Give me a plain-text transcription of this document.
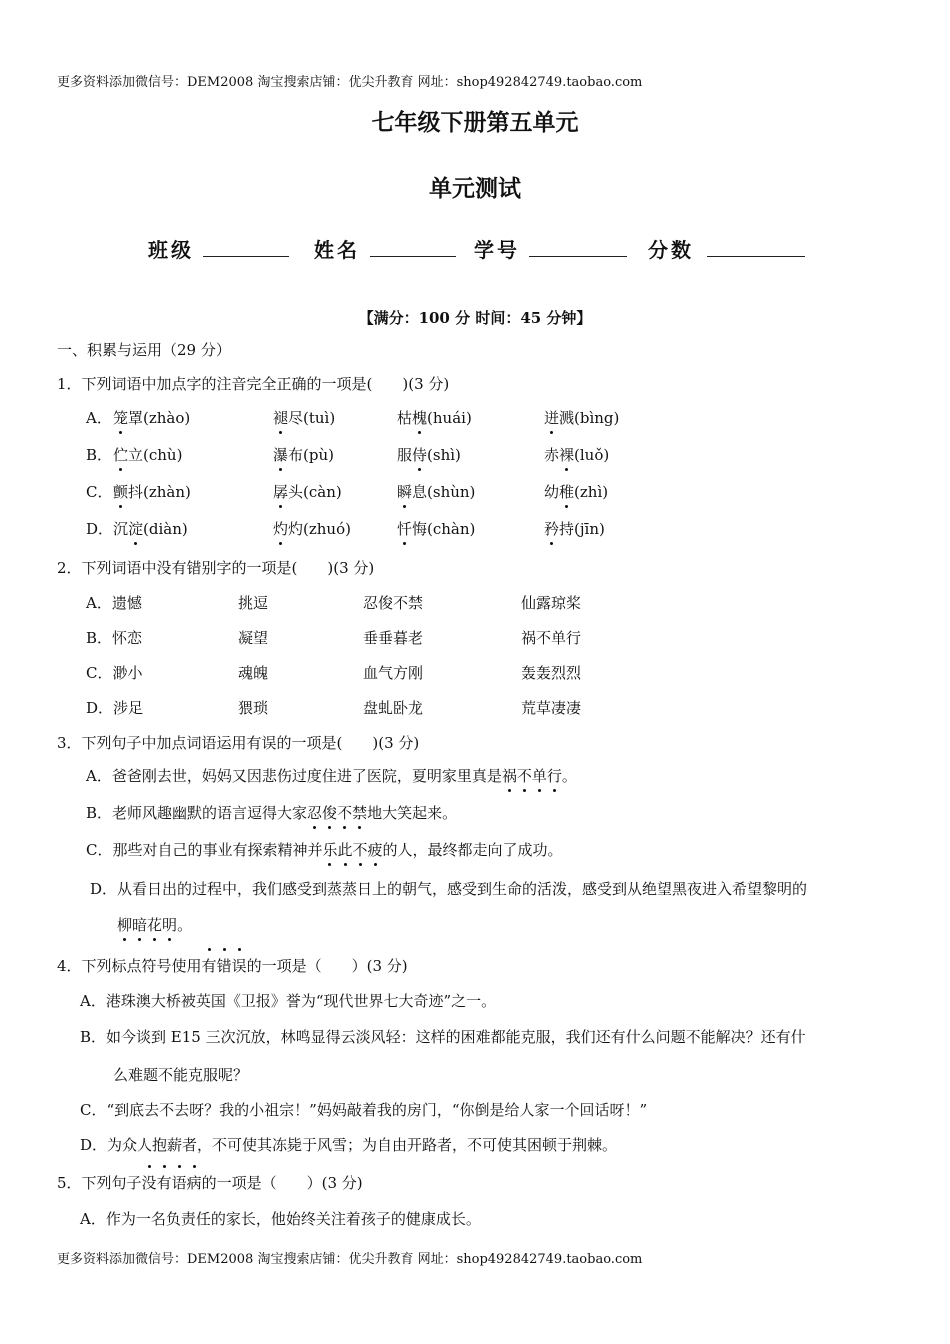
更多资料添加微信号：DEM2008 淘宝搜索店铺：优尖升教育 网址：shop492842749.taobao.com
七年级下册第五单元
单元测试
班级	姓名	学号	分数
【满分：100 分 时间：45 分钟】
一、积累与运用（29 分）
1．下列词语中加点字的注音完全正确的一项是(　　)(3 分)
A． 笼罩(zhào)	褪尽(tuì)	枯槐(huái)	迸溅(bìng)
B． 伫立(chù)	瀑布(pù)	服侍(shì)	赤裸(luǒ)
C． 颤抖(zhàn)	孱头(càn)	瞬息(shùn)	幼稚(zhì)
D． 沉淀(diàn)	灼灼(zhuó)	忏悔(chàn)	矜持(jīn)
2．下列词语中没有错别字的一项是(　　)(3 分)
A．遗憾	挑逗	忍俊不禁	仙露琼桨
B．怀恋	凝望	垂垂暮老	祸不单行
C．渺小	魂魄	血气方刚	轰轰烈烈
D．涉足	猥琐	盘虬卧龙	荒草凄凄
3．下列句子中加点词语运用有误的一项是(　　)(3 分)
A．爸爸刚去世，妈妈又因悲伤过度住进了医院，夏明家里真是祸不单行。
B．老师风趣幽默的语言逗得大家忍俊不禁地大笑起来。
C．那些对自己的事业有探索精神并乐此不疲的人，最终都走向了成功。
D．从看日出的过程中，我们感受到蒸蒸日上的朝气，感受到生命的活泼，感受到从绝望黑夜进入希望黎明的
柳暗花明。
4．下列标点符号使用有错误的一项是（　　）(3 分)
A．港珠澳大桥被英国《卫报》誉为“现代世界七大奇迹”之一。
B．如今谈到 E15 三次沉放，林鸣显得云淡风轻：这样的困难都能克服，我们还有什么问题不能解决？还有什
么难题不能克服呢？
C．“到底去不去呀？我的小祖宗！”妈妈敲着我的房门，“你倒是给人家一个回话呀！”
D．为众人抱薪者，不可使其冻毙于风雪；为自由开路者，不可使其困顿于荆棘。
5．下列句子没有语病的一项是（　　）(3 分)
A．作为一名负责任的家长，他始终关注着孩子的健康成长。
更多资料添加微信号：DEM2008 淘宝搜索店铺：优尖升教育 网址：shop492842749.taobao.com
